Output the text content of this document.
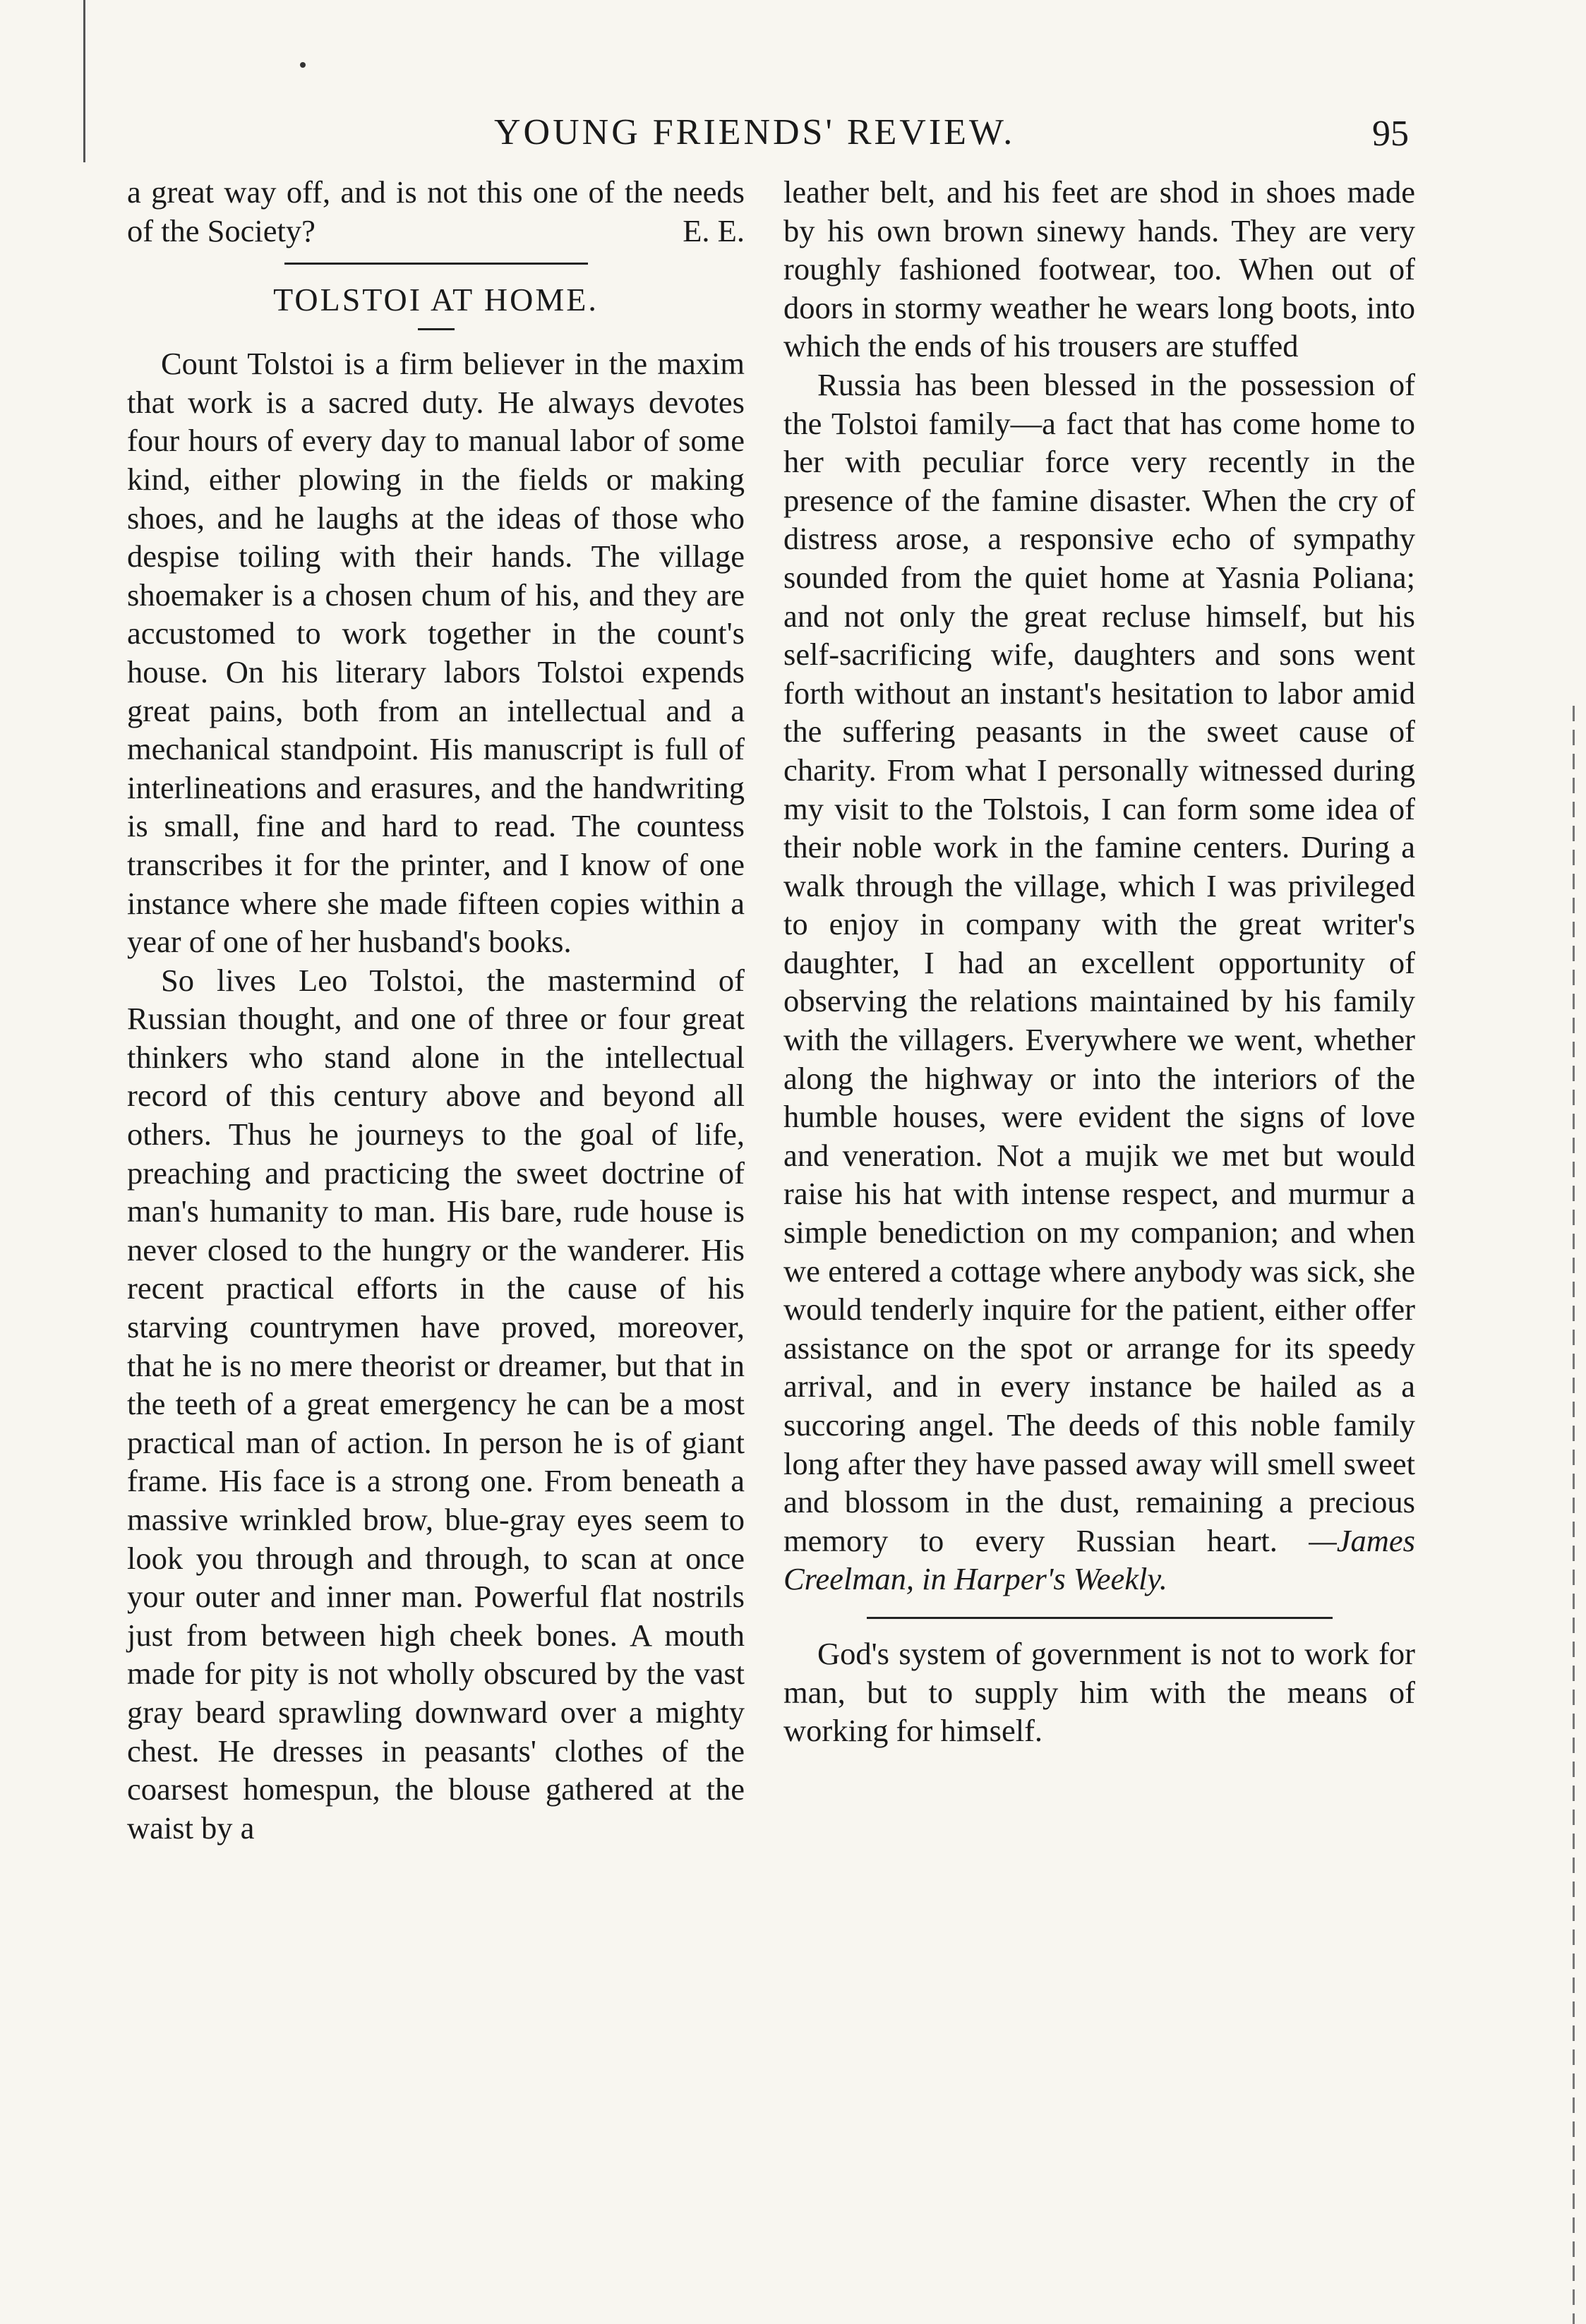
YOUNG FRIENDS' REVIEW.	95

a great way off, and is not this one of the needs of the Society?	E. E.

TOLSTOI AT HOME.

Count Tolstoi is a firm believer in the maxim that work is a sacred duty. He always devotes four hours of every day to manual labor of some kind, either plowing in the fields or making shoes, and he laughs at the ideas of those who despise toiling with their hands. The village shoemaker is a chosen chum of his, and they are accustomed to work together in the count's house. On his literary labors Tolstoi expends great pains, both from an intellectual and a mechanical standpoint. His manuscript is full of interlineations and erasures, and the handwriting is small, fine and hard to read. The countess transcribes it for the printer, and I know of one instance where she made fifteen copies within a year of one of her husband's books.

So lives Leo Tolstoi, the mastermind of Russian thought, and one of three or four great thinkers who stand alone in the intellectual record of this century above and beyond all others. Thus he journeys to the goal of life, preaching and practicing the sweet doctrine of man's humanity to man. His bare, rude house is never closed to the hungry or the wanderer. His recent practical efforts in the cause of his starving countrymen have proved, moreover, that he is no mere theorist or dreamer, but that in the teeth of a great emergency he can be a most practical man of action. In person he is of giant frame. His face is a strong one. From beneath a massive wrinkled brow, blue-gray eyes seem to look you through and through, to scan at once your outer and inner man. Powerful flat nostrils just from between high cheek bones. A mouth made for pity is not wholly obscured by the vast gray beard sprawling downward over a mighty chest. He dresses in peasants' clothes of the coarsest homespun, the blouse gathered at the waist by a

leather belt, and his feet are shod in shoes made by his own brown sinewy hands. They are very roughly fashioned footwear, too. When out of doors in stormy weather he wears long boots, into which the ends of his trousers are stuffed

Russia has been blessed in the possession of the Tolstoi family—a fact that has come home to her with peculiar force very recently in the presence of the famine disaster. When the cry of distress arose, a responsive echo of sympathy sounded from the quiet home at Yasnia Poliana; and not only the great recluse himself, but his self-sacrificing wife, daughters and sons went forth without an instant's hesitation to labor amid the suffering peasants in the sweet cause of charity. From what I personally witnessed during my visit to the Tolstois, I can form some idea of their noble work in the famine centers. During a walk through the village, which I was privileged to enjoy in company with the great writer's daughter, I had an excellent opportunity of observing the relations maintained by his family with the villagers. Everywhere we went, whether along the highway or into the interiors of the humble houses, were evident the signs of love and veneration. Not a mujik we met but would raise his hat with intense respect, and murmur a simple benediction on my companion; and when we entered a cottage where anybody was sick, she would tenderly inquire for the patient, either offer assistance on the spot or arrange for its speedy arrival, and in every instance be hailed as a succoring angel. The deeds of this noble family long after they have passed away will smell sweet and blossom in the dust, remaining a precious memory to every Russian heart. —James Creelman, in Harper's Weekly.

God's system of government is not to work for man, but to supply him with the means of working for himself.
